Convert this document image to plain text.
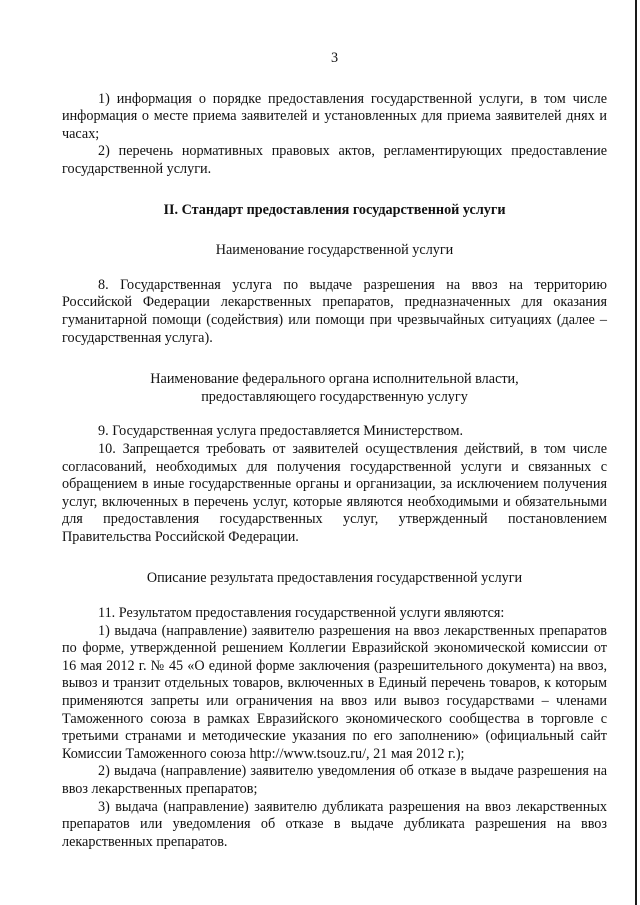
3

1) информация о порядке предоставления государственной услуги, в том числе информация о месте приема заявителей и установленных для приема заявителей днях и часах;

2) перечень нормативных правовых актов, регламентирующих предоставление государственной услуги.

II. Стандарт предоставления государственной услуги

Наименование государственной услуги

8. Государственная услуга по выдаче разрешения на ввоз на территорию Российской Федерации лекарственных препаратов, предназначенных для оказания гуманитарной помощи (содействия) или помощи при чрезвычайных ситуациях (далее – государственная услуга).

Наименование федерального органа исполнительной власти,
предоставляющего государственную услугу

9. Государственная услуга предоставляется Министерством.

10. Запрещается требовать от заявителей осуществления действий, в том числе согласований, необходимых для получения государственной услуги и связанных с обращением в иные государственные органы и организации, за исключением получения услуг, включенных в перечень услуг, которые являются необходимыми и обязательными для предоставления государственных услуг, утвержденный постановлением Правительства Российской Федерации.

Описание результата предоставления государственной услуги

11. Результатом предоставления государственной услуги являются:

1) выдача (направление) заявителю разрешения на ввоз лекарственных препаратов по форме, утвержденной решением Коллегии Евразийской экономической комиссии от 16 мая 2012 г. № 45 «О единой форме заключения (разрешительного документа) на ввоз, вывоз и транзит отдельных товаров, включенных в Единый перечень товаров, к которым применяются запреты или ограничения на ввоз или вывоз государствами – членами Таможенного союза в рамках Евразийского экономического сообщества в торговле с третьими странами и методические указания по его заполнению» (официальный сайт Комиссии Таможенного союза http://www.tsouz.ru/, 21 мая 2012 г.);

2) выдача (направление) заявителю уведомления об отказе в выдаче разрешения на ввоз лекарственных препаратов;

3) выдача (направление) заявителю дубликата разрешения на ввоз лекарственных препаратов или уведомления об отказе в выдаче дубликата разрешения на ввоз лекарственных препаратов.
